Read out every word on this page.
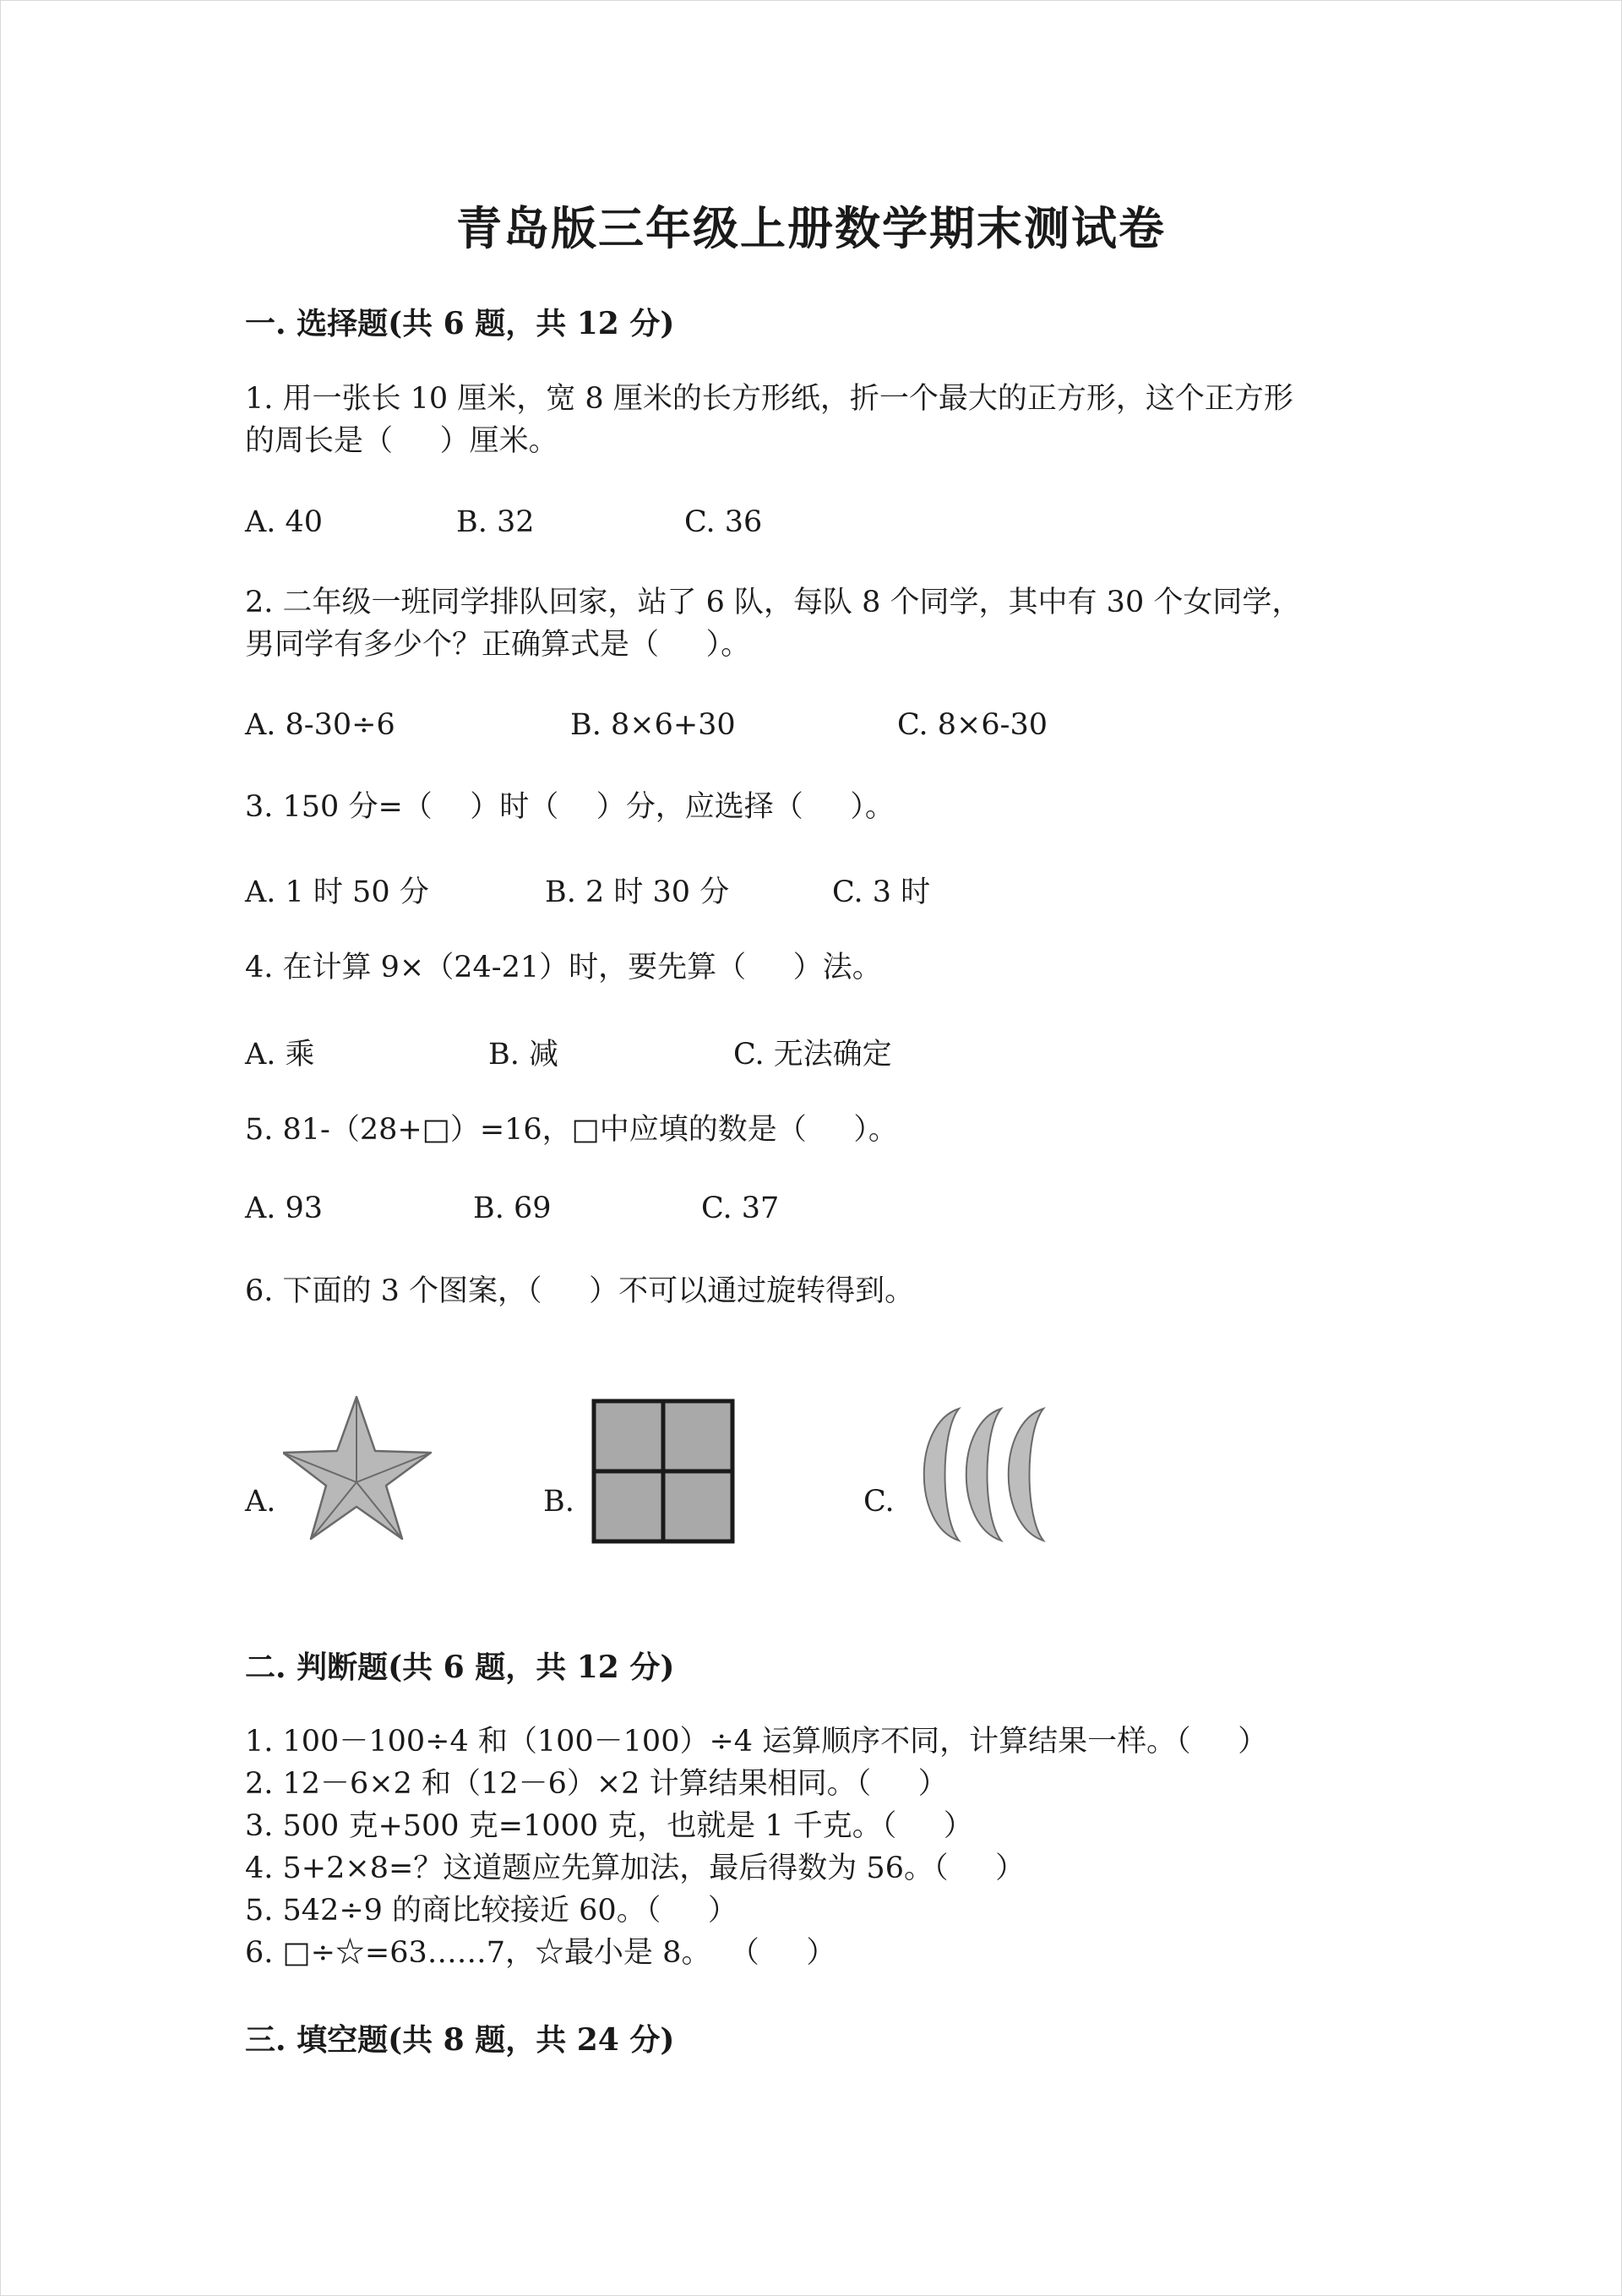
青岛版三年级上册数学期末测试卷
一. 选择题(共 6 题，共 12 分)
1. 用一张长 10 厘米，宽 8 厘米的长方形纸，折一个最大的正方形，这个正方形
的周长是（     ）厘米。
A. 40	B. 32	C. 36
2. 二年级一班同学排队回家，站了 6 队，每队 8 个同学，其中有 30 个女同学，
男同学有多少个？正确算式是（     ）。
A. 8-30÷6	B. 8×6+30	C. 8×6-30
3. 150 分=（    ）时（    ）分，应选择（     ）。
A. 1 时 50 分	B. 2 时 30 分	C. 3 时
4. 在计算 9×（24-21）时，要先算（     ）法。
A. 乘	B. 减	C. 无法确定
5. 81-（28+□）=16，□中应填的数是（     ）。
A. 93	B. 69	C. 37
6. 下面的 3 个图案，（     ）不可以通过旋转得到。
A.	B.	C.
二. 判断题(共 6 题，共 12 分)
1. 100－100÷4 和（100－100）÷4 运算顺序不同，计算结果一样。（     ）
2. 12－6×2 和（12－6）×2 计算结果相同。（     ）
3. 500 克+500 克=1000 克，也就是 1 千克。（     ）
4. 5+2×8=？这道题应先算加法，最后得数为 56。（     ）
5. 542÷9 的商比较接近 60。（     ）
6. □÷☆=63……7，☆最小是 8。  （     ）
三. 填空题(共 8 题，共 24 分)
